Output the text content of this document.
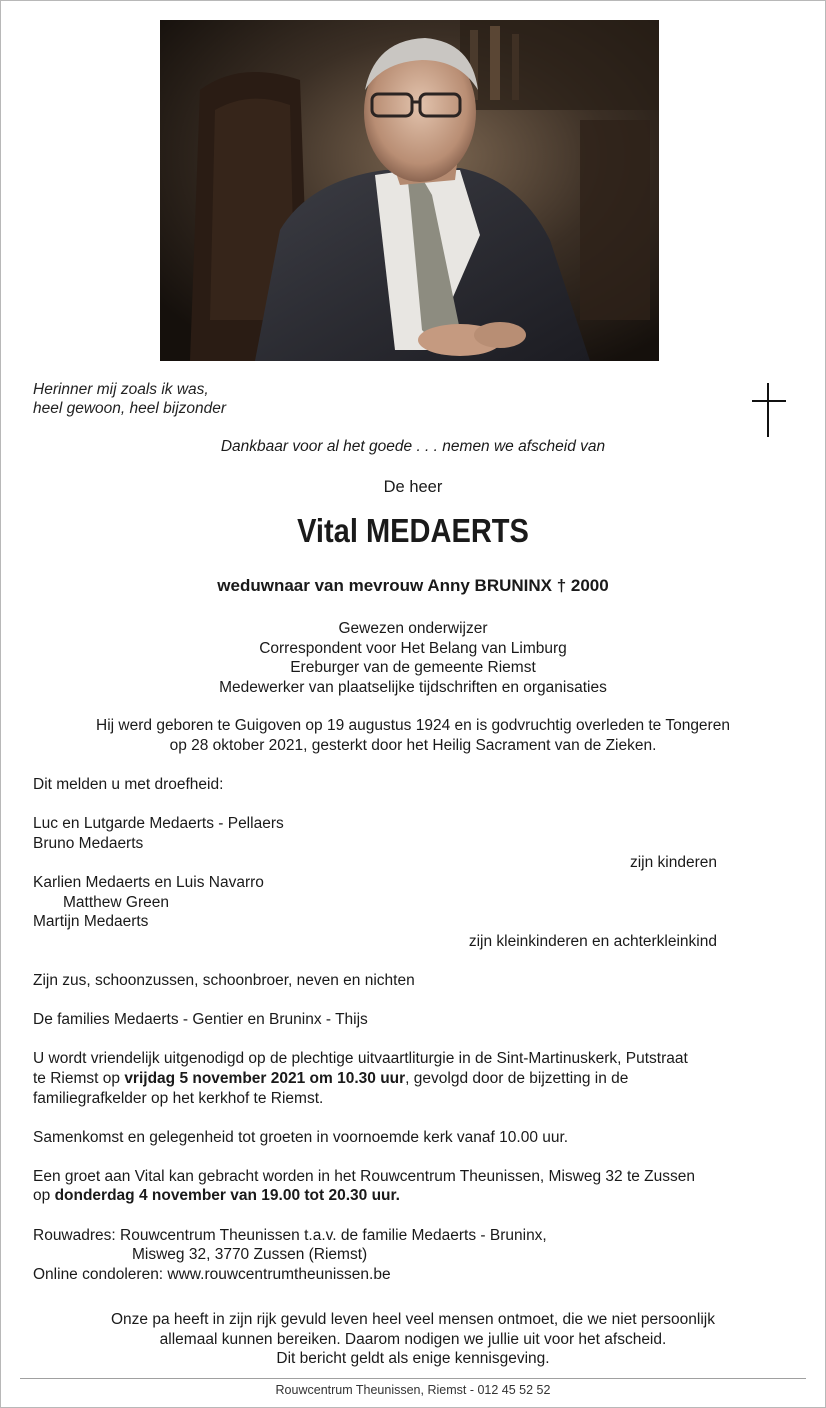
Herinner mij zoals ik was,
heel gewoon, heel bijzonder
Dankbaar voor al het goede . . . nemen we afscheid van
De heer
Vital MEDAERTS
weduwnaar van mevrouw Anny BRUNINX † 2000
Gewezen onderwijzer
Correspondent voor Het Belang van Limburg
Ereburger van de gemeente Riemst
Medewerker van plaatselijke tijdschriften en organisaties
Hij werd geboren te Guigoven op 19 augustus 1924 en is godvruchtig overleden te Tongeren
op 28 oktober 2021, gesterkt door het Heilig Sacrament van de Zieken.

Dit melden u met droefheid:

Luc en Lutgarde Medaerts - Pellaers

Bruno Medaerts

zijn kinderen

Karlien Medaerts en Luis Navarro

Matthew Green

Martijn Medaerts

zijn kleinkinderen en achterkleinkind

Zijn zus, schoonzussen, schoonbroer, neven en nichten

De families Medaerts - Gentier en Bruninx - Thijs

U wordt vriendelijk uitgenodigd op de plechtige uitvaartliturgie in de Sint-Martinuskerk, Putstraat

te Riemst op vrijdag 5 november 2021 om 10.30 uur, gevolgd door de bijzetting in de

familiegrafkelder op het kerkhof te Riemst.

Samenkomst en gelegenheid tot groeten in voornoemde kerk vanaf 10.00 uur.

Een groet aan Vital kan gebracht worden in het Rouwcentrum Theunissen, Misweg 32 te Zussen

op donderdag 4 november van 19.00 tot 20.30 uur.

Rouwadres: Rouwcentrum Theunissen t.a.v. de familie Medaerts - Bruninx,

Misweg 32, 3770 Zussen (Riemst)

Online condoleren: www.rouwcentrumtheunissen.be

Onze pa heeft in zijn rijk gevuld leven heel veel mensen ontmoet, die we niet persoonlijk

allemaal kunnen bereiken. Daarom nodigen we jullie uit voor het afscheid.

Dit bericht geldt als enige kennisgeving.

Rouwcentrum Theunissen, Riemst - 012 45 52 52
